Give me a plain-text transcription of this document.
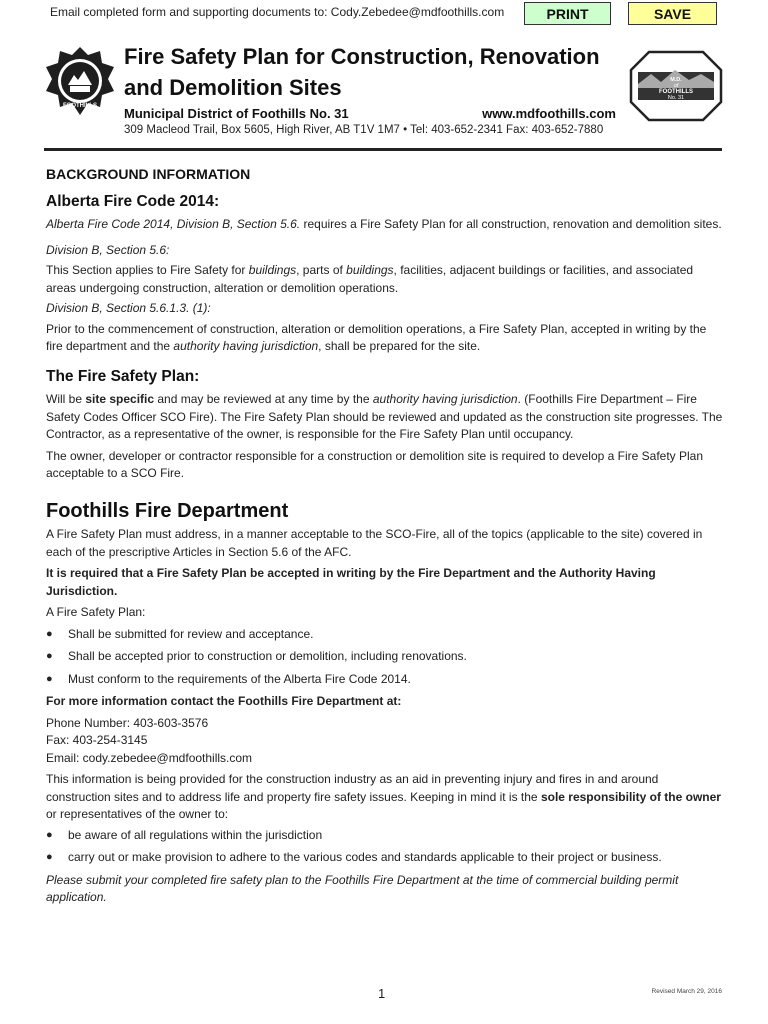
Email completed form and supporting documents to: Cody.Zebedee@mdfoothills.com	PRINT	SAVE
FOOTHILLS
Fire Safety Plan for Construction, Renovation
and Demolition Sites
Municipal District of Foothills No. 31	www.mdfoothills.com
309 Macleod Trail, Box 5605, High River, AB T1V 1M7 • Tel: 403-652-2341 Fax: 403-652-7880
M.D.
of
FOOTHILLS
No. 31
BACKGROUND INFORMATION
Alberta Fire Code 2014:

Alberta Fire Code 2014, Division B, Section 5.6. requires a Fire Safety Plan for all construction, renovation and demolition sites.

Division B, Section 5.6:

This Section applies to Fire Safety for buildings, parts of buildings, facilities, adjacent buildings or facilities, and associated areas undergoing construction, alteration or demolition operations.

Division B, Section 5.6.1.3. (1):

Prior to the commencement of construction, alteration or demolition operations, a Fire Safety Plan, accepted in writing by the fire department and the authority having jurisdiction, shall be prepared for the site.

The Fire Safety Plan:

Will be site specific and may be reviewed at any time by the authority having jurisdiction. (Foothills Fire Department – Fire Safety Codes Officer SCO Fire). The Fire Safety Plan should be reviewed and updated as the construction site progresses. The Contractor, as a representative of the owner, is responsible for the Fire Safety Plan until occupancy.

The owner, developer or contractor responsible for a construction or demolition site is required to develop a Fire Safety Plan acceptable to a SCO Fire.

Foothills Fire Department

A Fire Safety Plan must address, in a manner acceptable to the SCO-Fire, all of the topics (applicable to the site) covered in each of the prescriptive Articles in Section 5.6 of the AFC.

It is required that a Fire Safety Plan be accepted in writing by the Fire Department and the Authority Having Jurisdiction.

A Fire Safety Plan:

● Shall be submitted for review and acceptance.
● Shall be accepted prior to construction or demolition, including renovations.
● Must conform to the requirements of the Alberta Fire Code 2014.

For more information contact the Foothills Fire Department at:

Phone Number: 403-603-3576

Fax: 403-254-3145

Email: cody.zebedee@mdfoothills.com

This information is being provided for the construction industry as an aid in preventing injury and fires in and around construction sites and to address life and property fire safety issues. Keeping in mind it is the sole responsibility of the owner or representatives of the owner to:

● be aware of all regulations within the jurisdiction
● carry out or make provision to adhere to the various codes and standards applicable to their project or business.

Please submit your completed fire safety plan to the Foothills Fire Department at the time of commercial building permit application.

1	Revised March 29, 2016
